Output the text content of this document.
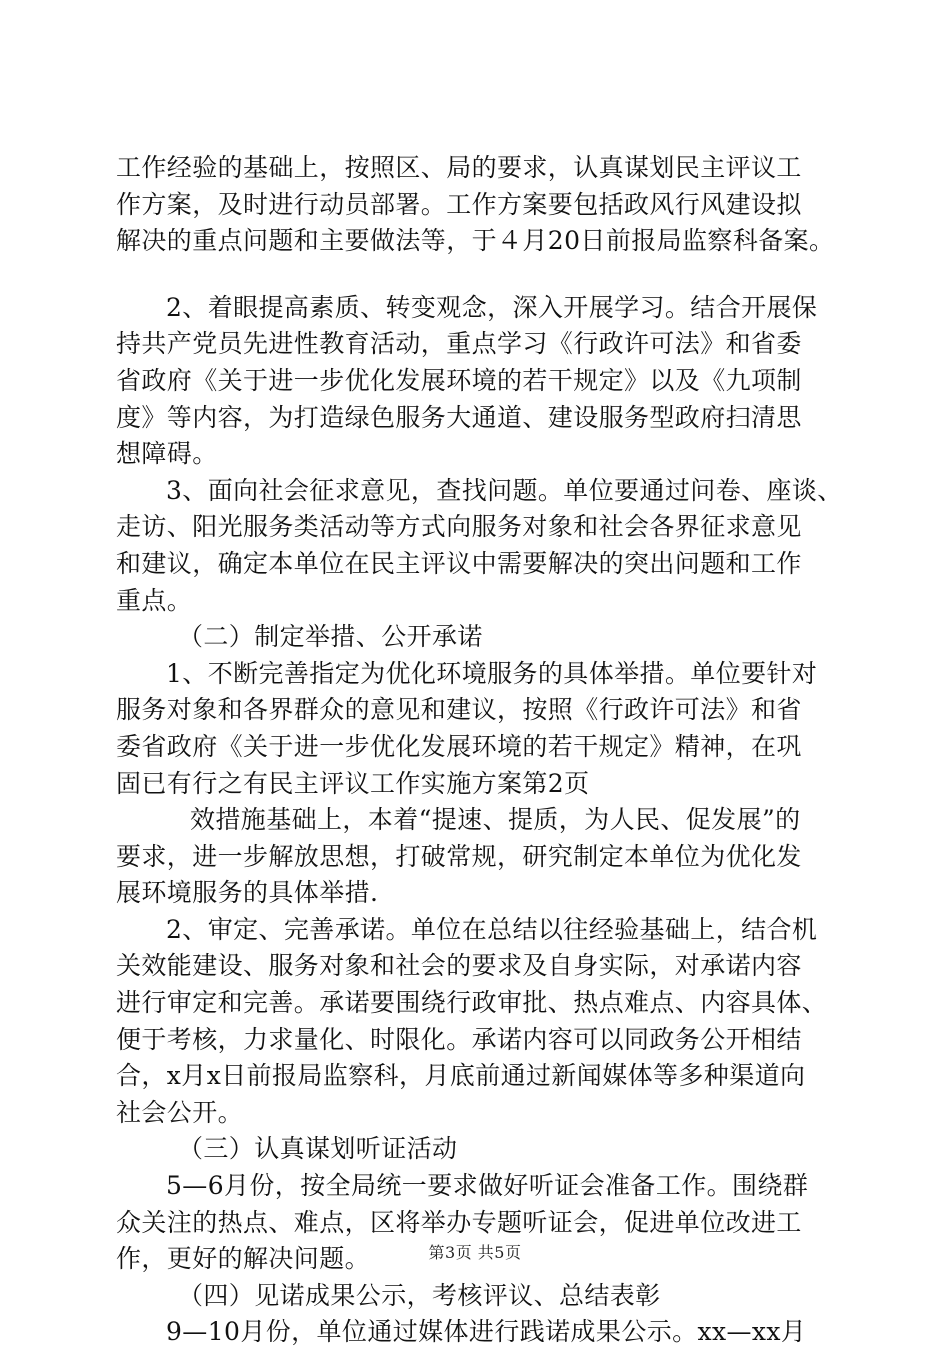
工作经验的基础上，按照区、局的要求，认真谋划民主评议工
作方案，及时进行动员部署。工作方案要包括政风行风建设拟
解决的重点问题和主要做法等，于４月20日前报局监察科备案。
2、着眼提高素质、转变观念，深入开展学习。结合开展保
持共产党员先进性教育活动，重点学习《行政许可法》和省委
省政府《关于进一步优化发展环境的若干规定》以及《九项制
度》等内容，为打造绿色服务大通道、建设服务型政府扫清思
想障碍。
3、面向社会征求意见，查找问题。单位要通过问卷、座谈、
走访、阳光服务类活动等方式向服务对象和社会各界征求意见
和建议，确定本单位在民主评议中需要解决的突出问题和工作
重点。
（二）制定举措、公开承诺
1、不断完善指定为优化环境服务的具体举措。单位要针对
服务对象和各界群众的意见和建议，按照《行政许可法》和省
委省政府《关于进一步优化发展环境的若干规定》精神，在巩
固已有行之有民主评议工作实施方案第2页
效措施基础上，本着“提速、提质，为人民、促发展”的
要求，进一步解放思想，打破常规，研究制定本单位为优化发
展环境服务的具体举措.
2、审定、完善承诺。单位在总结以往经验基础上，结合机
关效能建设、服务对象和社会的要求及自身实际，对承诺内容
进行审定和完善。承诺要围绕行政审批、热点难点、内容具体、
便于考核，力求量化、时限化。承诺内容可以同政务公开相结
合，x月x日前报局监察科，月底前通过新闻媒体等多种渠道向
社会公开。
（三）认真谋划听证活动
5—6月份，按全局统一要求做好听证会准备工作。围绕群
众关注的热点、难点，区将举办专题听证会，促进单位改进工
作，更好的解决问题。
（四）见诺成果公示，考核评议、总结表彰
9—10月份，单位通过媒体进行践诺成果公示。xx—xx月
第3页 共5页
